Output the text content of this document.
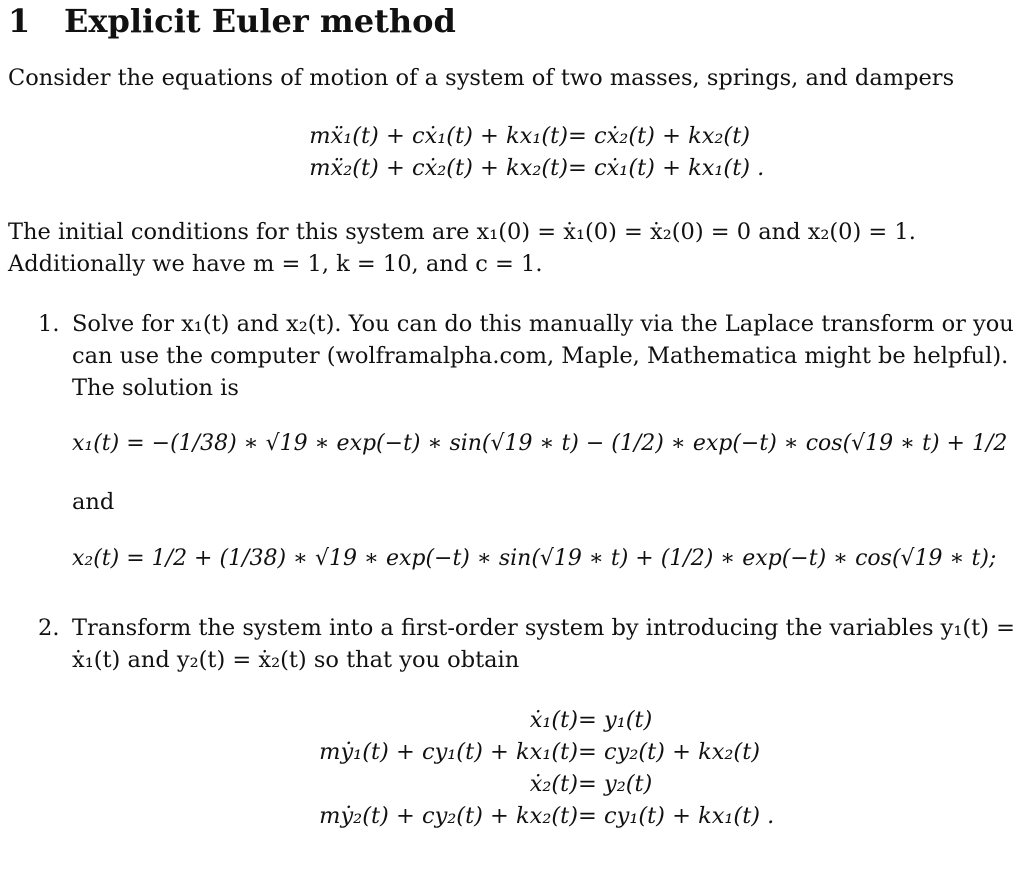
1 Explicit Euler method
Consider the equations of motion of a system of two masses, springs, and dampers
mẍ₁(t) + cẋ₁(t) + kx₁(t)= cẋ₂(t) + kx₂(t)
mẍ₂(t) + cẋ₂(t) + kx₂(t)= cẋ₁(t) + kx₁(t) .
The initial conditions for this system are x₁(0) = ẋ₁(0) = ẋ₂(0) = 0 and x₂(0) = 1.
Additionally we have m = 1, k = 10, and c = 1.
1. Solve for x₁(t) and x₂(t). You can do this manually via the Laplace transform or you
can use the computer (wolframalpha.com, Maple, Mathematica might be helpful).
The solution is
x₁(t) = −(1/38) ∗ √19 ∗ exp(−t) ∗ sin(√19 ∗ t) − (1/2) ∗ exp(−t) ∗ cos(√19 ∗ t) + 1/2
and
x₂(t) = 1/2 + (1/38) ∗ √19 ∗ exp(−t) ∗ sin(√19 ∗ t) + (1/2) ∗ exp(−t) ∗ cos(√19 ∗ t);
2. Transform the system into a first-order system by introducing the variables y₁(t) =
ẋ₁(t) and y₂(t) = ẋ₂(t) so that you obtain
ẋ₁(t)= y₁(t)
mẏ₁(t) + cy₁(t) + kx₁(t)= cy₂(t) + kx₂(t)
ẋ₂(t)= y₂(t)
mẏ₂(t) + cy₂(t) + kx₂(t)= cy₁(t) + kx₁(t) .
